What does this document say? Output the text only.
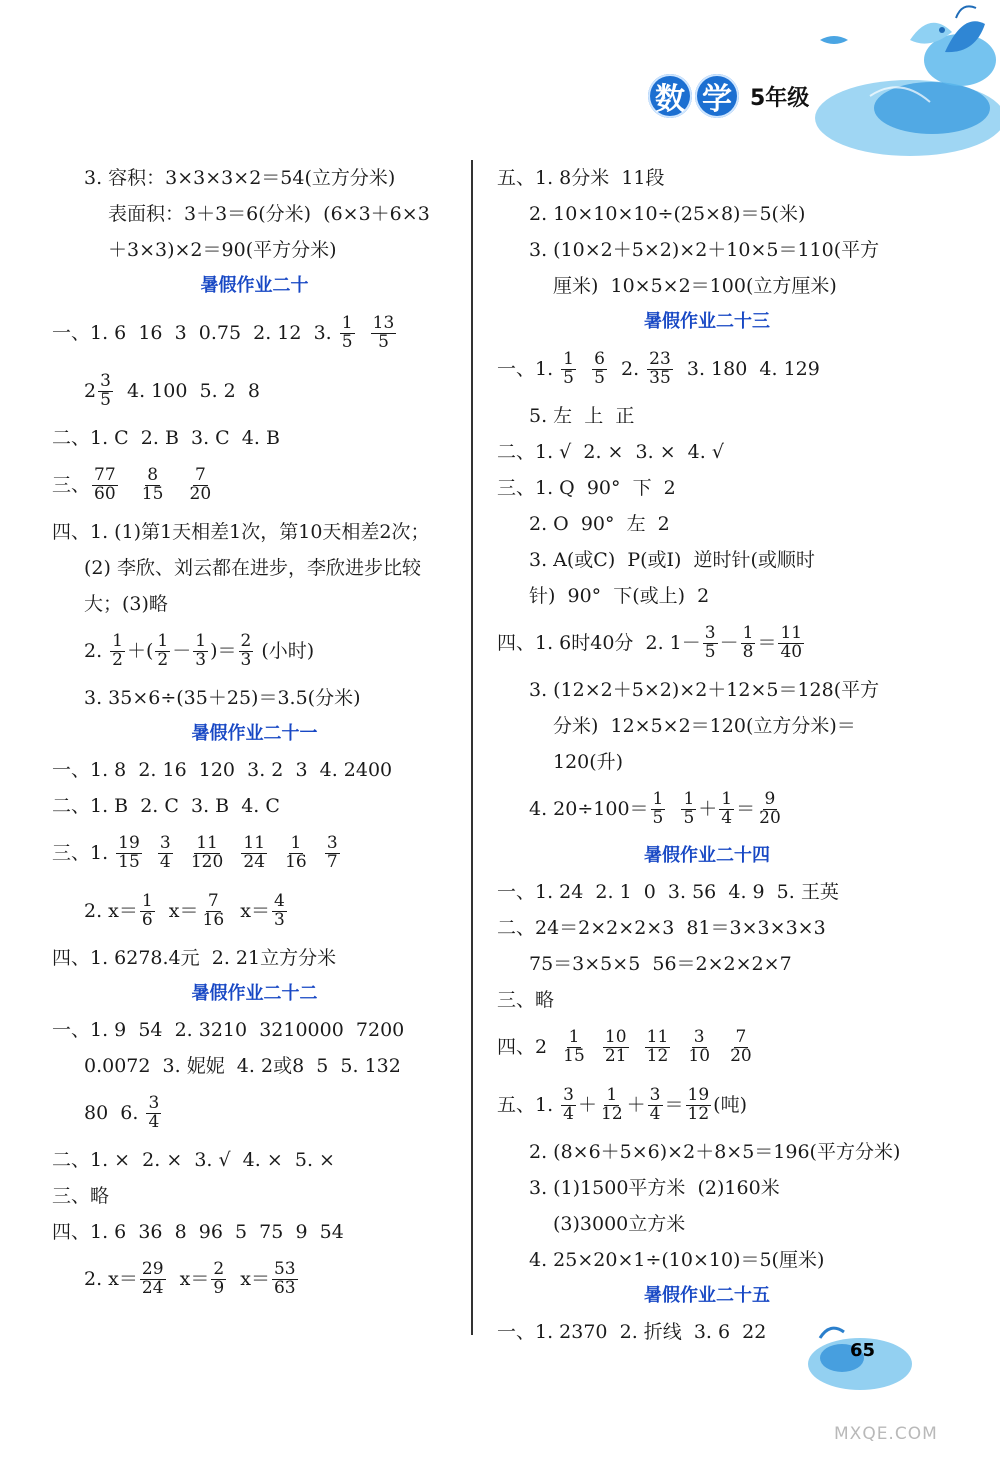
数 学 5年级
3. 容积：3×3×3×2＝54(立方分米)
表面积：3＋3＝6(分米)  (6×3＋6×3
＋3×3)×2＝90(平方分米)
暑假作业二十
一、1. 6  16  3  0.75  2. 12  3. $\frac{1}{5}$
$\frac{13}{5}$
$2 \frac{3}{5} 4$. 100  5. 2  8
二、1. C  2. B  3. C  4. B
三、 $\frac{77}{60}$
$\frac{8}{15}$
$\frac{7}{20}$
四、1. (1)第1天相差1次，第10天相差2次；
(2) 李欣、刘云都在进步，李欣进步比较
大；(3)略
2. $\frac{1}{2}$ ＋( $\frac{1}{2} - \frac{1}{3}$ )＝ $\frac{2}{3}$ (小时)
3. 35×6÷(35＋25)＝3.5(分米)
暑假作业二十一
一、1. 8  2. 16  120  3. 2  3  4. 2400
二、1. B  2. C  3. B  4. C
三、1. $\frac{19}{15}$
$\frac{3}{4}$
$\frac{11}{120}$
$\frac{11}{24}$
$\frac{1}{16}$
$\frac{3}{7}$
2. $x= \frac{1}{6} x= \frac{7}{16} x= \frac{4}{3}$
四、1. 6278.4元  2. 21立方分米
暑假作业二十二
一、1. 9  54  2. 3210  3210000  7200
0.0072  3. 妮妮  4. 2或8  5  5. 132
80  6. $\frac{3}{4}$
二、1. ×  2. ×  3. √  4. ×  5. ×
三、略
四、1. 6  36  8  96  5  75  9  54
2. $x= \frac{29}{24} x= \frac{2}{9} x= \frac{53}{63}$
五、1. 8分米  11段
2. 10×10×10÷(25×8)＝5(米)
3. (10×2＋5×2)×2＋10×5＝110(平方
厘米)  10×5×2＝100(立方厘米)
暑假作业二十三
一、1. $\frac{1}{5}$
$\frac{6}{5} 2$. $\frac{23}{35} 3$. 180  4. 129
5. 左  上  正
二、1. √  2. ×  3. ×  4. √
三、1. Q  90°  下  2
2. O  90°  左  2
3. A(或C)  P(或I)  逆时针(或顺时
针)  90°  下(或上)  2
四、1. 6时40分  2. $1- \frac{3}{5} - \frac{1}{8} = \frac{11}{40}$
3. (12×2＋5×2)×2＋12×5＝128(平方
分米)  12×5×2＝120(立方分米)＝
120(升)
4. $20\div 100= \frac{1}{5}$
$\frac{1}{5} + \frac{1}{4} = \frac{9}{20}$
暑假作业二十四
一、1. 24  2. 1  0  3. 56  4. 9  5. 王英
二、24＝2×2×2×3  81＝3×3×3×3
75＝3×5×5  56＝2×2×2×7
三、略
四、$2 \frac{1}{15}$
$\frac{10}{21}$
$\frac{11}{12}$
$\frac{3}{10}$
$\frac{7}{20}$
五、1. $\frac{3}{4} + \frac{1}{12} + \frac{3}{4} = \frac{19}{12}$ (吨)
2. (8×6＋5×6)×2＋8×5＝196(平方分米)
3. (1)1500平方米  (2)160米
(3)3000立方米
4. 25×20×1÷(10×10)＝5(厘米)
暑假作业二十五
一、1. 2370  2. 折线  3. 6  22
65
MXQE.COM
